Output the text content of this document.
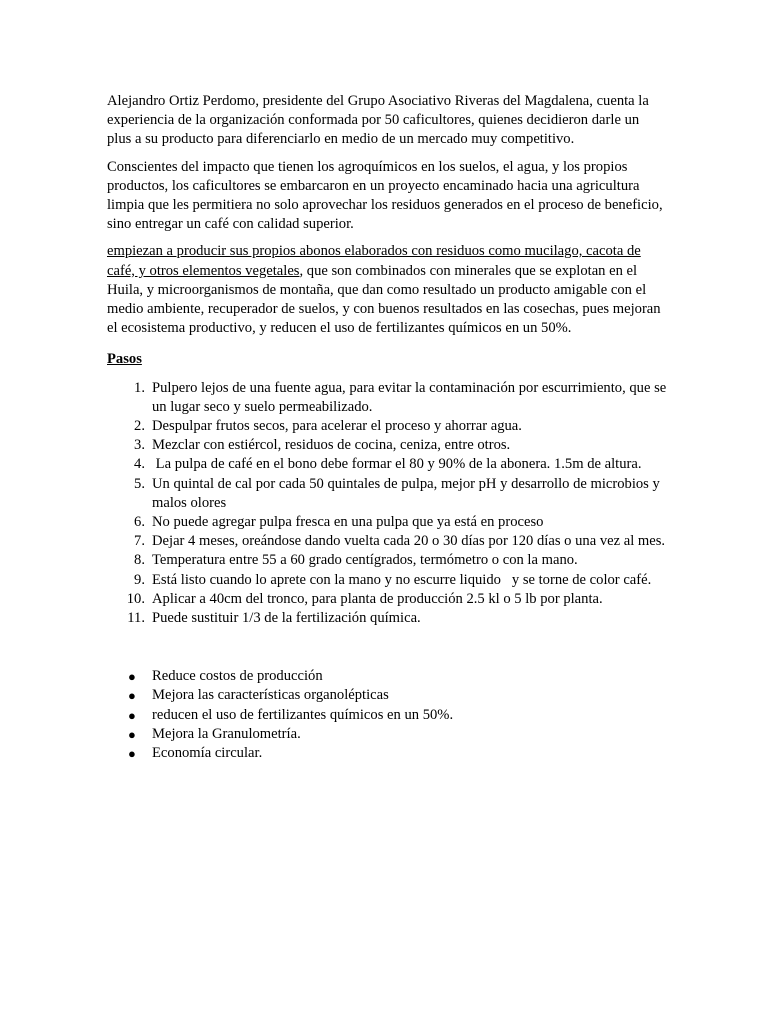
Alejandro Ortiz Perdomo, presidente del Grupo Asociativo Riveras del Magdalena, cuenta la experiencia de la organización conformada por 50 caficultores, quienes decidieron darle un plus a su producto para diferenciarlo en medio de un mercado muy competitivo.

Conscientes del impacto que tienen los agroquímicos en los suelos, el agua, y los propios productos, los caficultores se embarcaron en un proyecto encaminado hacia una agricultura limpia que les permitiera no solo aprovechar los residuos generados en el proceso de beneficio, sino entregar un café con calidad superior.

empiezan a producir sus propios abonos elaborados con residuos como mucilago, cacota de café, y otros elementos vegetales, que son combinados con minerales que se explotan en el Huila, y microorganismos de montaña, que dan como resultado un producto amigable con el medio ambiente, recuperador de suelos, y con buenos resultados en las cosechas, pues mejoran el ecosistema productivo, y reducen el uso de fertilizantes químicos en un 50%.

Pasos
1. Pulpero lejos de una fuente agua, para evitar la contaminación por escurrimiento, que se un lugar seco y suelo permeabilizado.
2. Despulpar frutos secos, para acelerar el proceso y ahorrar agua.
3. Mezclar con estiércol, residuos de cocina, ceniza, entre otros.
4. La pulpa de café en el bono debe formar el 80 y 90% de la abonera. 1.5m de altura.
5. Un quintal de cal por cada 50 quintales de pulpa, mejor pH y desarrollo de microbios y malos olores
6. No puede agregar pulpa fresca en una pulpa que ya está en proceso
7. Dejar 4 meses, oreándose dando vuelta cada 20 o 30 días por 120 días o una vez al mes.
8. Temperatura entre 55 a 60 grado centígrados, termómetro o con la mano.
9. Está listo cuando lo aprete con la mano y no escurre liquido   y se torne de color café.
10. Aplicar a 40cm del tronco, para planta de producción 2.5 kl o 5 lb por planta.
11. Puede sustituir 1/3 de la fertilización química.
● Reduce costos de producción
● Mejora las características organolépticas
● reducen el uso de fertilizantes químicos en un 50%.
● Mejora la Granulometría.
● Economía circular.
